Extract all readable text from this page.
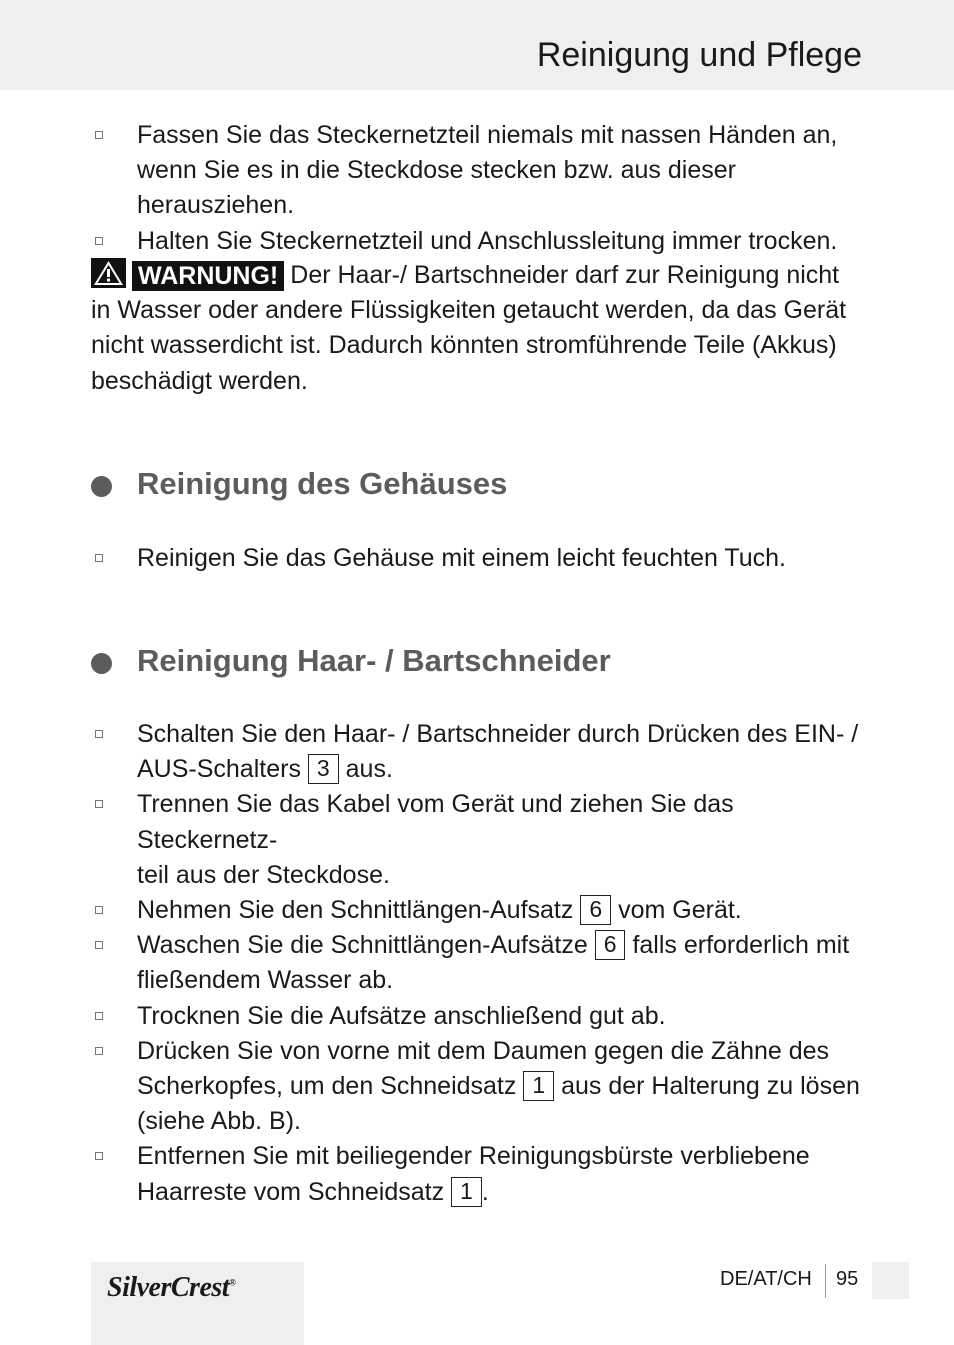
Reinigung und Pflege
Fassen Sie das Steckernetzteil niemals mit nassen Händen an,
wenn Sie es in die Steckdose stecken bzw. aus dieser herausziehen.
Halten Sie Steckernetzteil und Anschlussleitung immer trocken.
WARNUNG! Der Haar-/ Bartschneider darf zur Reinigung nicht
in Wasser oder andere Flüssigkeiten getaucht werden, da das Gerät
nicht wasserdicht ist. Dadurch könnten stromführende Teile (Akkus)
beschädigt werden.
Reinigung des Gehäuses
Reinigen Sie das Gehäuse mit einem leicht feuchten Tuch.
Reinigung Haar- / Bartschneider
Schalten Sie den Haar- / Bartschneider durch Drücken des EIN- /
AUS-Schalters 3 aus.
Trennen Sie das Kabel vom Gerät und ziehen Sie das Steckernetz-
teil aus der Steckdose.
Nehmen Sie den Schnittlängen-Aufsatz 6 vom Gerät.
Waschen Sie die Schnittlängen-Aufsätze 6 falls erforderlich mit
fließendem Wasser ab.
Trocknen Sie die Aufsätze anschließend gut ab.
Drücken Sie von vorne mit dem Daumen gegen die Zähne des
Scherkopfes, um den Schneidsatz 1 aus der Halterung zu lösen
(siehe Abb. B).
Entfernen Sie mit beiliegender Reinigungsbürste verbliebene
Haarreste vom Schneidsatz 1 .
SilverCrest®	DE/AT/CH 95
